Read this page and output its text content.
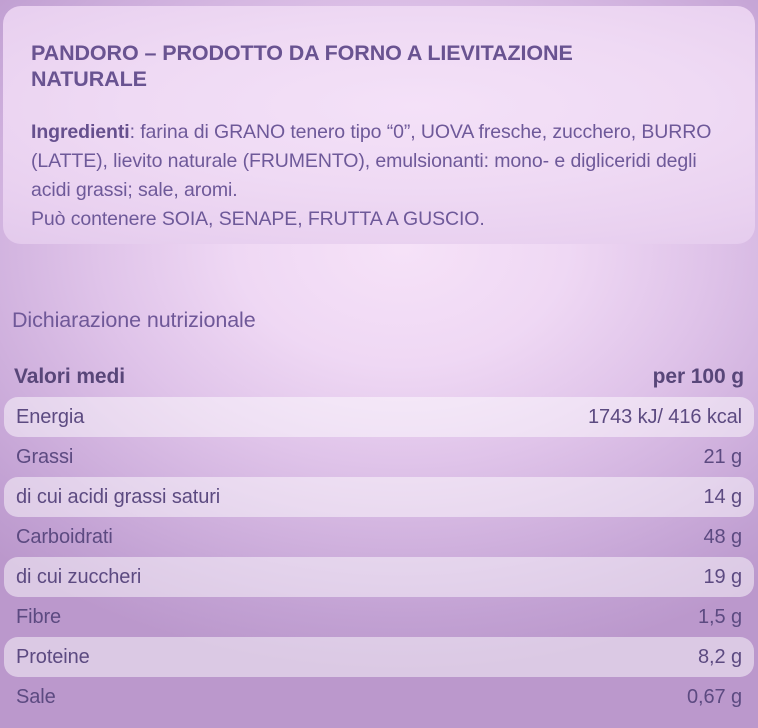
PANDORO – PRODOTTO DA FORNO A LIEVITAZIONE NATURALE
Ingredienti: farina di GRANO tenero tipo “0”, UOVA fresche, zucchero, BURRO (LATTE), lievito naturale (FRUMENTO), emulsionanti: mono- e digliceridi degli acidi grassi; sale, aromi.
Può contenere SOIA, SENAPE, FRUTTA A GUSCIO.
Dichiarazione nutrizionale
Valori medi	per 100 g
Energia	1743 kJ/ 416 kcal
Grassi	21 g
di cui acidi grassi saturi	14 g
Carboidrati	48 g
di cui zuccheri	19 g
Fibre	1,5 g
Proteine	8,2 g
Sale	0,67 g
